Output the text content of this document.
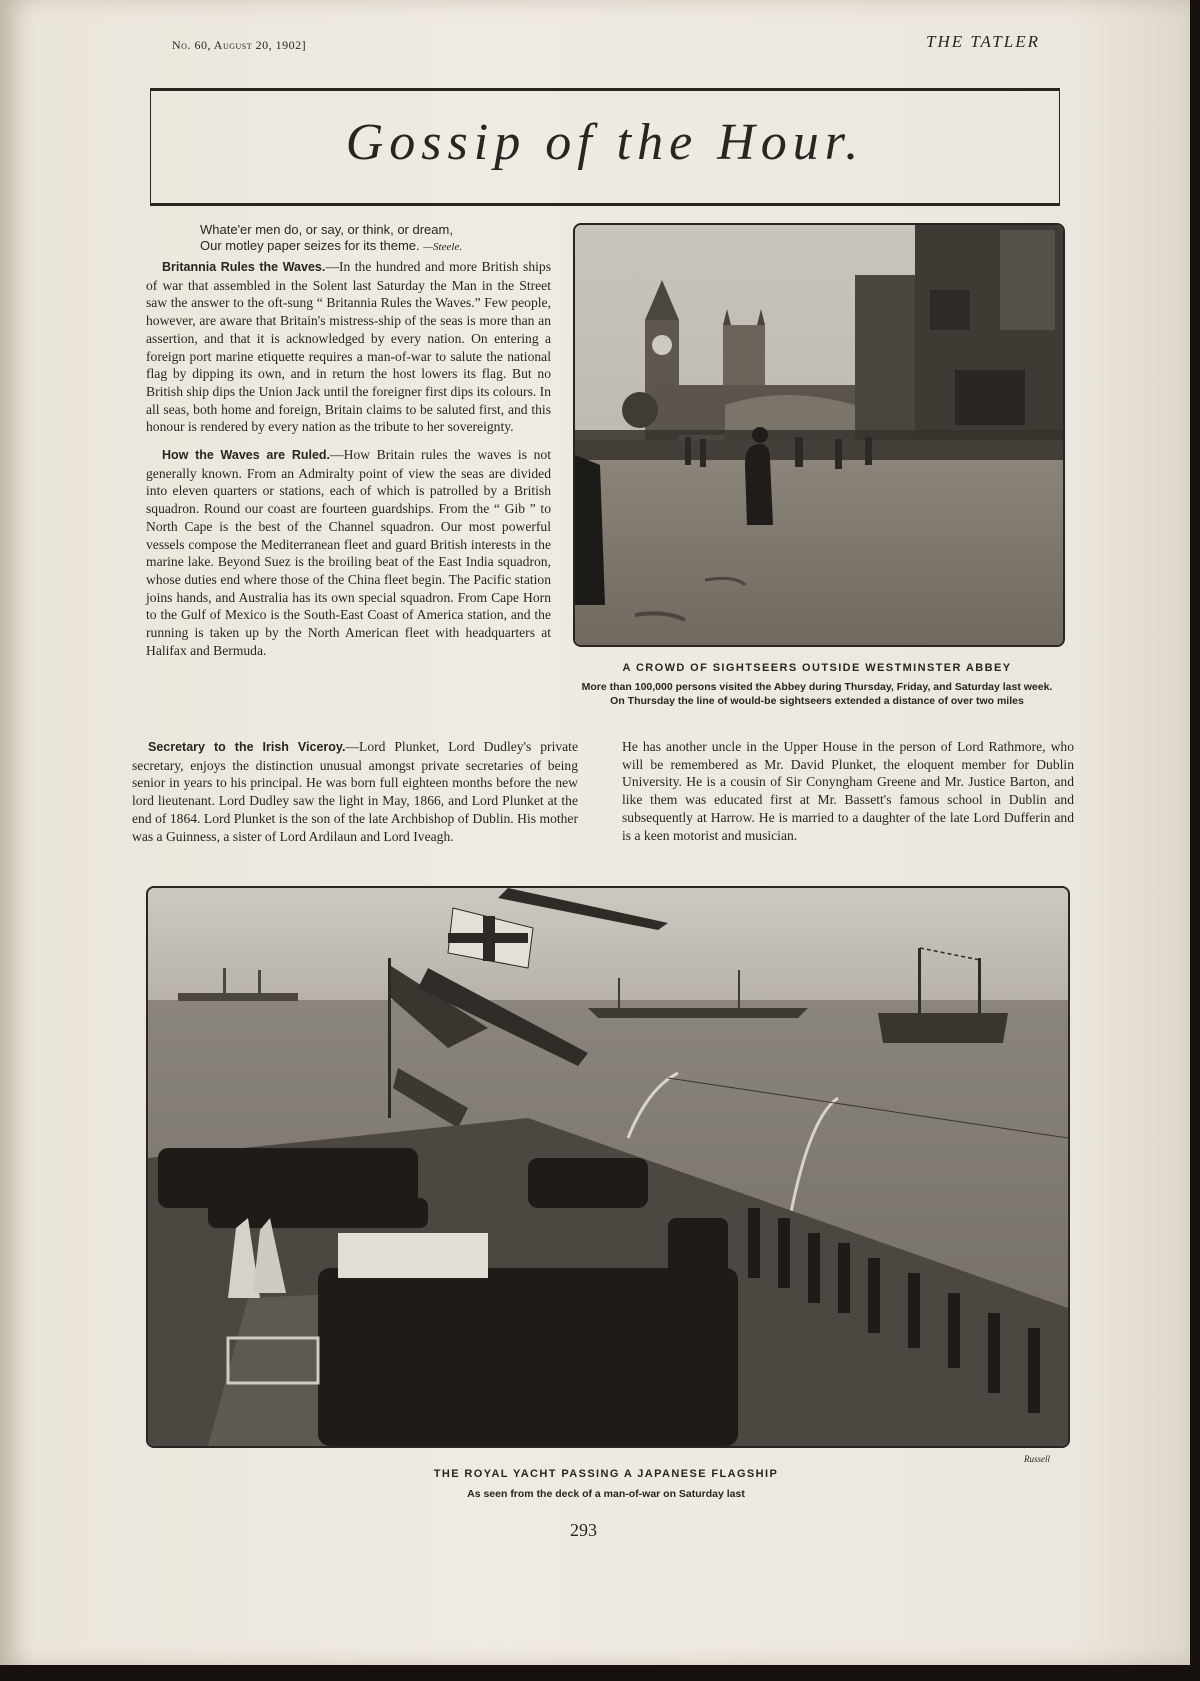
No. 60, August 20, 1902]	THE TATLER
Gossip of the Hour.
Whate'er men do, or say, or think, or dream,
Our motley paper seizes for its theme. —Steele.

Britannia Rules the Waves.—In the hundred and more British ships of war that assembled in the Solent last Saturday the Man in the Street saw the answer to the oft-sung “ Britannia Rules the Waves.” Few people, however, are aware that Britain's mistress-ship of the seas is more than an assertion, and that it is acknowledged by every nation. On entering a foreign port marine etiquette requires a man-of-war to salute the national flag by dipping its own, and in return the host lowers its flag. But no British ship dips the Union Jack until the foreigner first dips its colours. In all seas, both home and foreign, Britain claims to be saluted first, and this honour is rendered by every nation as the tribute to her sovereignty.

How the Waves are Ruled.—How Britain rules the waves is not generally known. From an Admiralty point of view the seas are divided into eleven quarters or stations, each of which is patrolled by a British squadron. Round our coast are fourteen guardships. From the “ Gib ” to North Cape is the best of the Channel squadron. Our most powerful vessels compose the Mediterranean fleet and guard British interests in the marine lake. Beyond Suez is the broiling beat of the East India squadron, whose duties end where those of the China fleet begin. The Pacific station joins hands, and Australia has its own special squadron. From Cape Horn to the Gulf of Mexico is the South-East Coast of America station, and the running is taken up by the North American fleet with headquarters at Halifax and Bermuda.

A CROWD OF SIGHTSEERS OUTSIDE WESTMINSTER ABBEY
More than 100,000 persons visited the Abbey during Thursday, Friday, and Saturday last week. On Thursday the line of would-be sightseers extended a distance of over two miles

Secretary to the Irish Viceroy.—Lord Plunket, Lord Dudley's private secretary, enjoys the distinction unusual amongst private secretaries of being senior in years to his principal. He was born full eighteen months before the new lord lieutenant. Lord Dudley saw the light in May, 1866, and Lord Plunket at the end of 1864. Lord Plunket is the son of the late Archbishop of Dublin. His mother was a Guinness, a sister of Lord Ardilaun and Lord Iveagh.

He has another uncle in the Upper House in the person of Lord Rathmore, who will be remembered as Mr. David Plunket, the eloquent member for Dublin University. He is a cousin of Sir Conyngham Greene and Mr. Justice Barton, and like them was educated first at Mr. Bassett's famous school in Dublin and subsequently at Harrow. He is married to a daughter of the late Lord Dufferin and is a keen motorist and musician.

Russell
THE ROYAL YACHT PASSING A JAPANESE FLAGSHIP
As seen from the deck of a man-of-war on Saturday last
293
